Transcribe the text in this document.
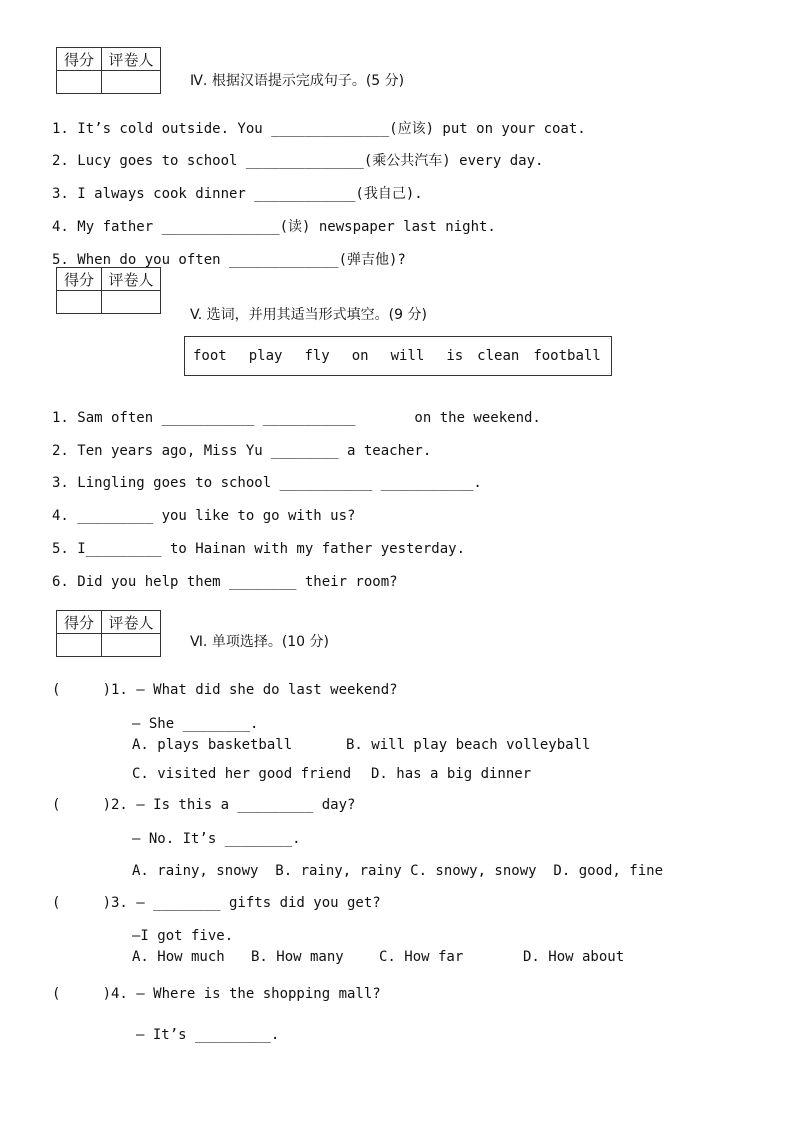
得分	评卷人

Ⅳ. 根据汉语提示完成句子。(5 分)
1. It’s cold outside. You ______________(应该) put on your coat.
2. Lucy goes to school ______________(乘公共汽车) every day.
3. I always cook dinner ____________(我自己).
4. My father ______________(读) newspaper last night.
5. When do you often _____________(弹吉他)?
得分	评卷人

V. 选词，并用其适当形式填空。(9 分)
foot play fly on will is clean football
1. Sam often ___________ ___________       on the weekend.
2. Ten years ago, Miss Yu ________ a teacher.
3. Lingling goes to school ___________ ___________.
4. _________ you like to go with us?
5. I_________ to Hainan with my father yesterday.
6. Did you help them ________ their room?
得分	评卷人

Ⅵ. 单项选择。(10 分)
(     )1. — What did she do last weekend?
— She ________.
A. plays basketball	B. will play beach volleyball
C. visited her good friend D. has a big dinner
(     )2. — Is this a _________ day?
— No. It’s ________.
A. rainy, snowy  B. rainy, rainy C. snowy, snowy  D. good, fine
(     )3. — ________ gifts did you get?
—I got five.
A. How much B. How many	C. How far	D. How about
(     )4. — Where is the shopping mall?
— It’s _________.
